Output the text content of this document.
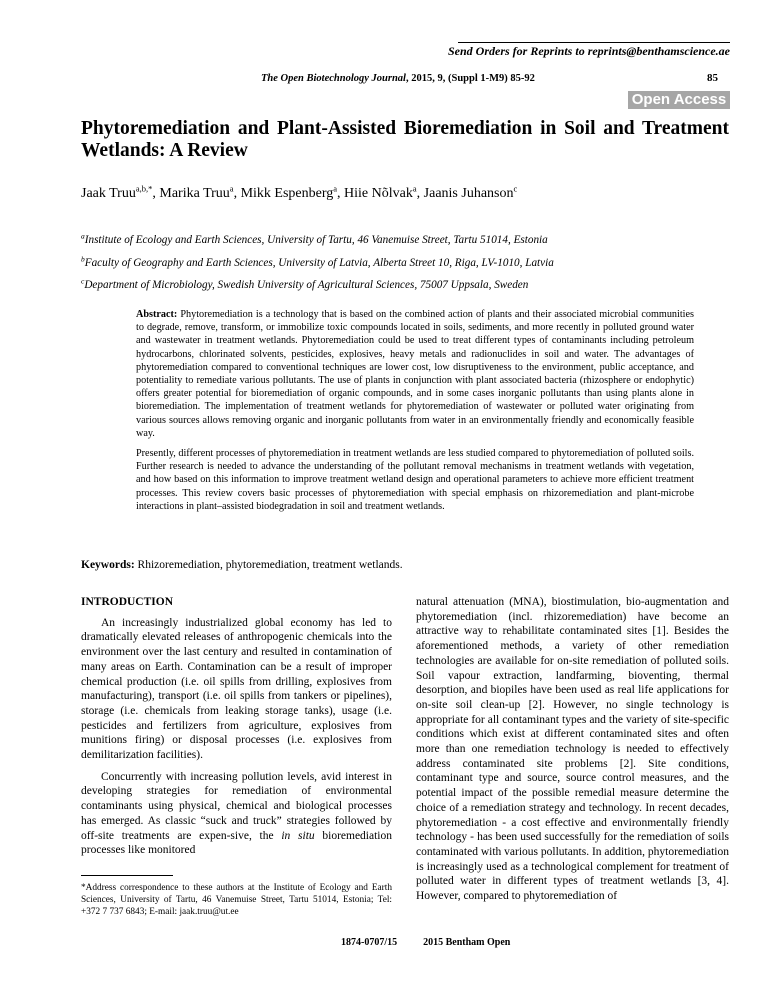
Send Orders for Reprints to reprints@benthamscience.ae
The Open Biotechnology Journal, 2015, 9, (Suppl 1-M9) 85-92	85
Open Access
Phytoremediation and Plant-Assisted Bioremediation in Soil and Treatment Wetlands: A Review
Jaak Truu$^{a,b,*}$, Marika Truu$^a$, Mikk Espenberg$^a$, Hiie Nõlvak$^a$, Jaanis Juhanson$^c$
$^a$Institute of Ecology and Earth Sciences, University of Tartu, 46 Vanemuise Street, Tartu 51014, Estonia
$^b$Faculty of Geography and Earth Sciences, University of Latvia, Alberta Street 10, Riga, LV-1010, Latvia
$^c$Department of Microbiology, Swedish University of Agricultural Sciences, 75007 Uppsala, Sweden

Abstract: Phytoremediation is a technology that is based on the combined action of plants and their associated microbial communities to degrade, remove, transform, or immobilize toxic compounds located in soils, sediments, and more recently in polluted ground water and wastewater in treatment wetlands. Phytoremediation could be used to treat different types of contaminants including petroleum hydrocarbons, chlorinated solvents, pesticides, explosives, heavy metals and radionuclides in soil and water. The advantages of phytoremediation compared to conventional techniques are lower cost, low disruptiveness to the environment, public acceptance, and potentiality to remediate various pollutants. The use of plants in conjunction with plant associated bacteria (rhizosphere or endophytic) offers greater potential for bioremediation of organic compounds, and in some cases inorganic pollutants than using plants alone in bioremediation. The implementation of treatment wetlands for phytoremediation of wastewater or polluted water originating from various sources allows removing organic and inorganic pollutants from water in an environmentally friendly and economically feasible way.

Presently, different processes of phytoremediation in treatment wetlands are less studied compared to phytoremediation of polluted soils. Further research is needed to advance the understanding of the pollutant removal mechanisms in treatment wetlands with vegetation, and how based on this information to improve treatment wetland design and operational parameters to achieve more efficient treatment processes. This review covers basic processes of phytoremediation with special emphasis on rhizoremediation and plant-microbe interactions in plant–assisted biodegradation in soil and treatment wetlands.

Keywords: Rhizoremediation, phytoremediation, treatment wetlands.
INTRODUCTION

An increasingly industrialized global economy has led to dramatically elevated releases of anthropogenic chemicals into the environment over the last century and resulted in contamination of many areas on Earth. Contamination can be a result of improper chemical production (i.e. oil spills from drilling, explosives from manufacturing), transport (i.e. oil spills from tankers or pipelines), storage (i.e. chemicals from leaking storage tanks), usage (i.e. pesticides and fertilizers from agriculture, explosives from munitions firing) or disposal processes (i.e. explosives from demilitarization facilities).

Concurrently with increasing pollution levels, avid interest in developing strategies for remediation of environmental contaminants using physical, chemical and biological processes has emerged. As classic “suck and truck” strategies followed by off-site treatments are expen-sive, the in situ bioremediation processes like monitored

natural attenuation (MNA), biostimulation, bio-augmentation and phytoremediation (incl. rhizoremediation) have become an attractive way to rehabilitate contaminated sites [1]. Besides the aforementioned methods, a variety of other remediation technologies are available for on-site remediation of polluted soils. Soil vapour extraction, landfarming, bioventing, thermal desorption, and biopiles have been used as real life applications for on-site soil clean-up [2]. However, no single technology is appropriate for all contaminant types and the variety of site-specific conditions which exist at different contaminated sites and often more than one remediation technology is needed to effectively address contaminated site problems [2]. Site conditions, contaminant type and source, source control measures, and the potential impact of the possible remedial measure determine the choice of a remediation strategy and technology. In recent decades, phytoremediation - a cost effective and environmentally friendly technology - has been used successfully for the remediation of soils contaminated with various pollutants. In addition, phytoremediation is increasingly used as a technological complement for treatment of polluted water in different types of treatment wetlands [3, 4]. However, compared to phytoremediation of

*Address correspondence to these authors at the Institute of Ecology and Earth Sciences, University of Tartu, 46 Vanemuise Street, Tartu 51014, Estonia; Tel: +372 7 737 6843; E-mail: jaak.truu@ut.ee
1874-0707/15	2015 Bentham Open
